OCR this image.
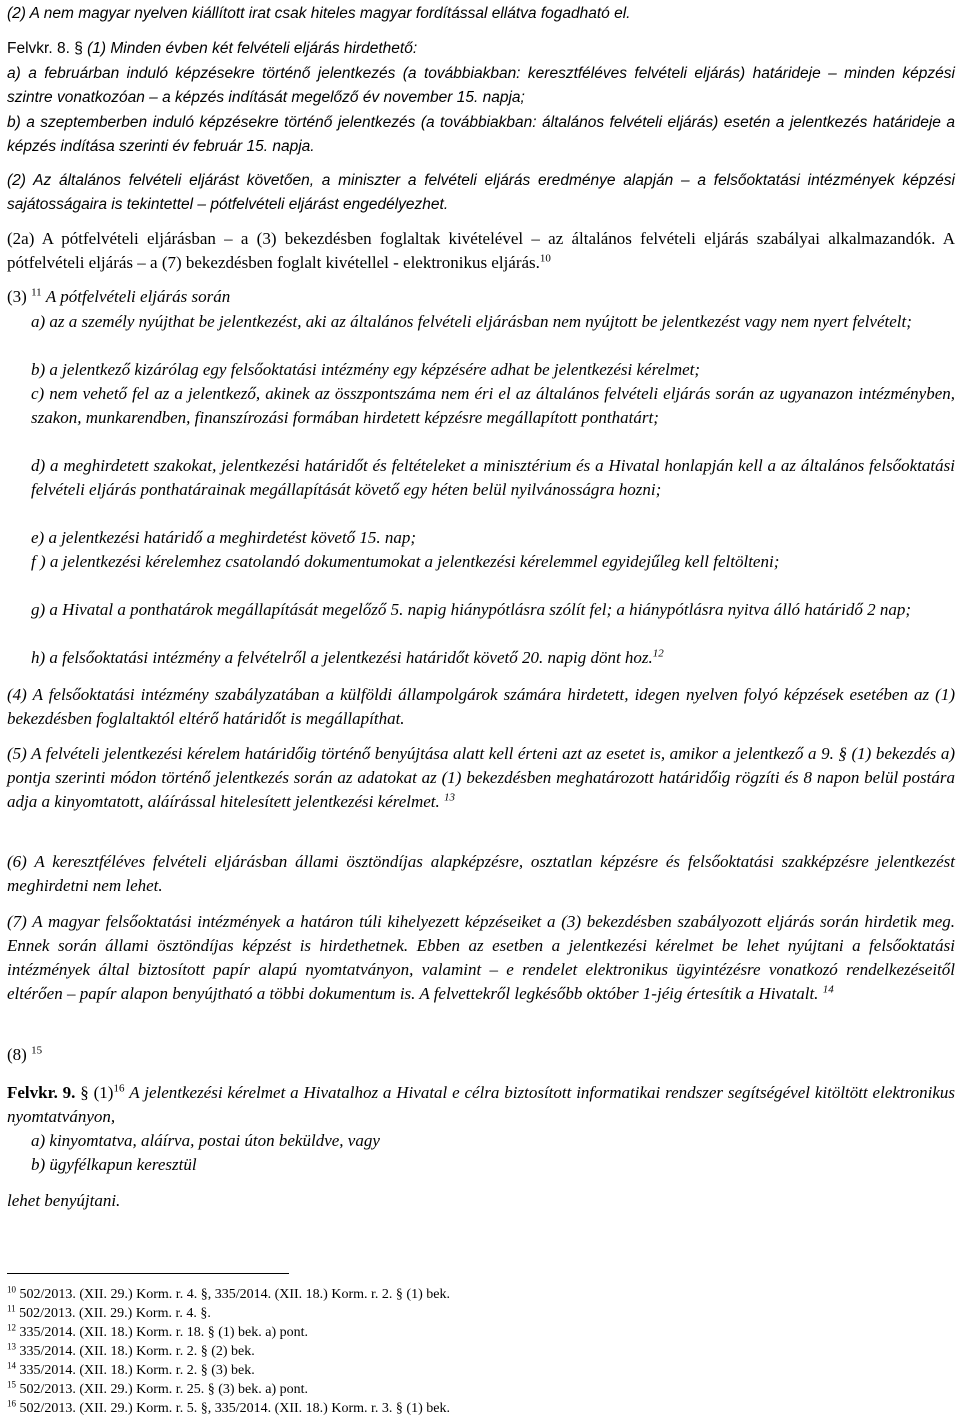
(2) A nem magyar nyelven kiállított irat csak hiteles magyar fordítással ellátva fogadható el.
Felvkr. 8. § (1) Minden évben két felvételi eljárás hirdethető:
a) a februárban induló képzésekre történő jelentkezés (a továbbiakban: keresztféléves felvételi eljárás) határideje – minden képzési szintre vonatkozóan – a képzés indítását megelőző év november 15. napja;
b) a szeptemberben induló képzésekre történő jelentkezés (a továbbiakban: általános felvételi eljárás) esetén a jelentkezés határideje a képzés indítása szerinti év február 15. napja.
(2) Az általános felvételi eljárást követően, a miniszter a felvételi eljárás eredménye alapján – a felsőoktatási intézmények képzési sajátosságaira is tekintettel – pótfelvételi eljárást engedélyezhet.
(2a) A pótfelvételi eljárásban – a (3) bekezdésben foglaltak kivételével – az általános felvételi eljárás szabályai alkalmazandók. A pótfelvételi eljárás – a (7) bekezdésben foglalt kivétellel - elektronikus eljárás.$^{10}$
(3) $^{11}$ A pótfelvételi eljárás során
a) az a személy nyújthat be jelentkezést, aki az általános felvételi eljárásban nem nyújtott be jelentkezést vagy nem nyert felvételt;
b) a jelentkező kizárólag egy felsőoktatási intézmény egy képzésére adhat be jelentkezési kérelmet;
c) nem vehető fel az a jelentkező, akinek az összpontszáma nem éri el az általános felvételi eljárás során az ugyanazon intézményben, szakon, munkarendben, finanszírozási formában hirdetett képzésre megállapított ponthatárt;
d) a meghirdetett szakokat, jelentkezési határidőt és feltételeket a minisztérium és a Hivatal honlapján kell a az általános felsőoktatási felvételi eljárás ponthatárainak megállapítását követő egy héten belül nyilvánosságra hozni;
e) a jelentkezési határidő a meghirdetést követő 15. nap;
f ) a jelentkezési kérelemhez csatolandó dokumentumokat a jelentkezési kérelemmel egyidejűleg kell feltölteni;
g) a Hivatal a ponthatárok megállapítását megelőző 5. napig hiánypótlásra szólít fel; a hiánypótlásra nyitva álló határidő 2 nap;
h) a felsőoktatási intézmény a felvételről a jelentkezési határidőt követő 20. napig dönt hoz.$^{12}$
(4) A felsőoktatási intézmény szabályzatában a külföldi állampolgárok számára hirdetett, idegen nyelven folyó képzések esetében az (1) bekezdésben foglaltaktól eltérő határidőt is megállapíthat.
(5) A felvételi jelentkezési kérelem határidőig történő benyújtása alatt kell érteni azt az esetet is, amikor a jelentkező a 9. § (1) bekezdés a) pontja szerinti módon történő jelentkezés során az adatokat az (1) bekezdésben meghatározott határidőig rögzíti és 8 napon belül postára adja a kinyomtatott, aláírással hitelesített jelentkezési kérelmet. $^{13}$
(6) A keresztféléves felvételi eljárásban állami ösztöndíjas alapképzésre, osztatlan képzésre és felsőoktatási szakképzésre jelentkezést meghirdetni nem lehet.
(7) A magyar felsőoktatási intézmények a határon túli kihelyezett képzéseiket a (3) bekezdésben szabályozott eljárás során hirdetik meg. Ennek során állami ösztöndíjas képzést is hirdethetnek. Ebben az esetben a jelentkezési kérelmet be lehet nyújtani a felsőoktatási intézmények által biztosított papír alapú nyomtatványon, valamint – e rendelet elektronikus ügyintézésre vonatkozó rendelkezéseitől eltérően – papír alapon benyújtható a többi dokumentum is. A felvettekről legkésőbb október 1-jéig értesítik a Hivatalt. $^{14}$
(8) $^{15}$
Felvkr. 9. § $(1)^{16}$ A jelentkezési kérelmet a Hivatalhoz a Hivatal e célra biztosított informatikai rendszer segítségével kitöltött elektronikus nyomtatványon,
a) kinyomtatva, aláírva, postai úton beküldve, vagy
b) ügyfélkapun keresztül
lehet benyújtani.
$^{10}$ 502/2013. (XII. 29.) Korm. r. 4. §, 335/2014. (XII. 18.) Korm. r. 2. § (1) bek.
$^{11}$ 502/2013. (XII. 29.) Korm. r. 4. §.
$^{12}$ 335/2014. (XII. 18.) Korm. r. 18. § (1) bek. a) pont.
$^{13}$ 335/2014. (XII. 18.) Korm. r. 2. § (2) bek.
$^{14}$ 335/2014. (XII. 18.) Korm. r. 2. § (3) bek.
$^{15}$ 502/2013. (XII. 29.) Korm. r. 25. § (3) bek. a) pont.
$^{16}$ 502/2013. (XII. 29.) Korm. r. 5. §, 335/2014. (XII. 18.) Korm. r. 3. § (1) bek.
